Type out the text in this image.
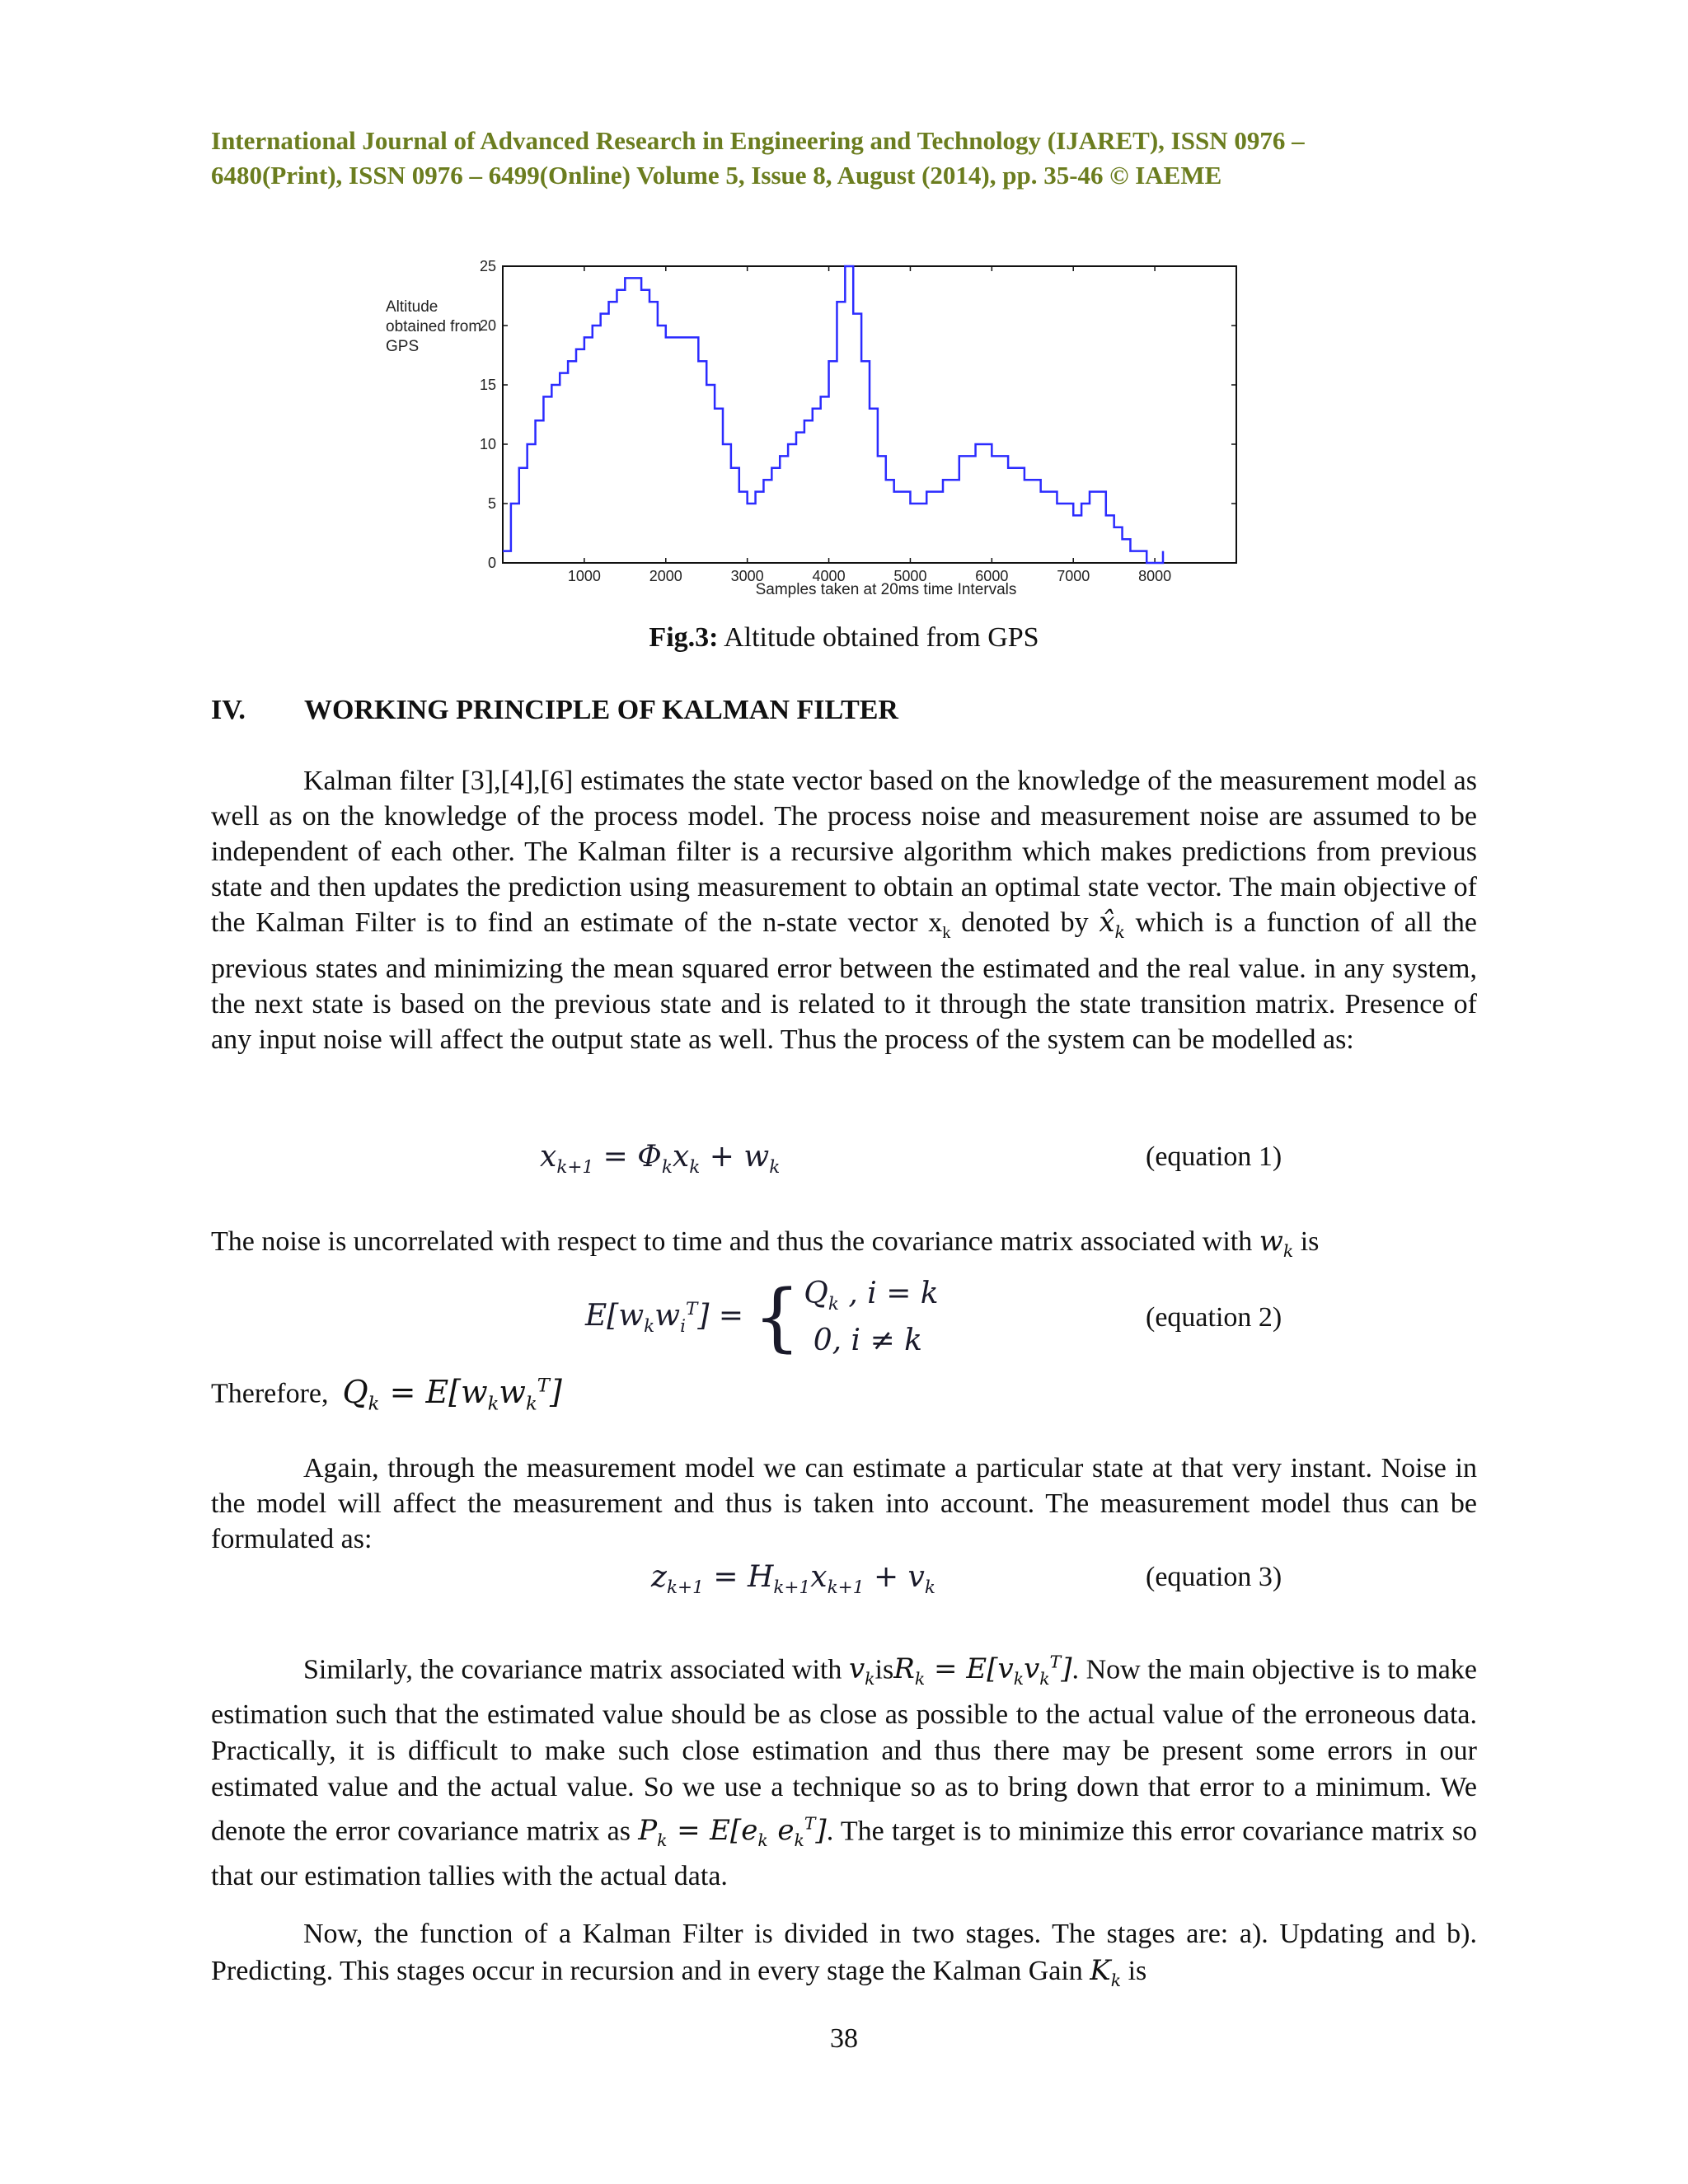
International Journal of Advanced Research in Engineering and Technology (IJARET), ISSN 0976 –
6480(Print), ISSN 0976 – 6499(Online) Volume 5, Issue 8, August (2014), pp. 35-46 © IAEME
1000	2000	3000	4000	5000	6000	7000	8000
0
5
10
15
20
25
Samples taken at 20ms time Intervals
Altitude
obtained from
GPS
Fig.3: Altitude obtained from GPS
IV. WORKING PRINCIPLE OF KALMAN FILTER
Kalman filter [3],[4],[6] estimates the state vector based on the knowledge of the measurement model as well as on the knowledge of the process model. The process noise and measurement noise are assumed to be independent of each other. The Kalman filter is a recursive algorithm which makes predictions from previous state and then updates the prediction using measurement to obtain an optimal state vector. The main objective of the Kalman Filter is to find an estimate of the n-state vector $x_k$ denoted by $x̂_k$ which is a function of all the previous states and minimizing the mean squared error between the estimated and the real value. in any system, the next state is based on the previous state and is related to it through the state transition matrix. Presence of any input noise will affect the output state as well. Thus the process of the system can be modelled as:
$x_{k+1} = \Phi_kx_k + w_k$	(equation 1)
The noise is uncorrelated with respect to time and thus the covariance matrix associated with $w_k$ is
$E[w_kw_i^T]$ = { $Q_k$ , i = k
0, i ≠ k
(equation 2)
Therefore, $Q_k = E[w_kw_k^T]$
Again, through the measurement model we can estimate a particular state at that very instant. Noise in the model will affect the measurement and thus is taken into account. The measurement model thus can be formulated as:
$z_{k+1} = H_{k+1}x_{k+1} + v_k$	(equation 3)
Similarly, the covariance matrix associated with $v_kisR_k = E[v_kv_k^T]$. Now the main objective is to make estimation such that the estimated value should be as close as possible to the actual value of the erroneous data. Practically, it is difficult to make such close estimation and thus there may be present some errors in our estimated value and the actual value. So we use a technique so as to bring down that error to a minimum. We denote the error covariance matrix as $P_k = E[e_k$ $e_k^T$]. The target is to minimize this error covariance matrix so that our estimation tallies with the actual data.
Now, the function of a Kalman Filter is divided in two stages. The stages are: a). Updating and b). Predicting. This stages occur in recursion and in every stage the Kalman Gain $K_k$ is
38
